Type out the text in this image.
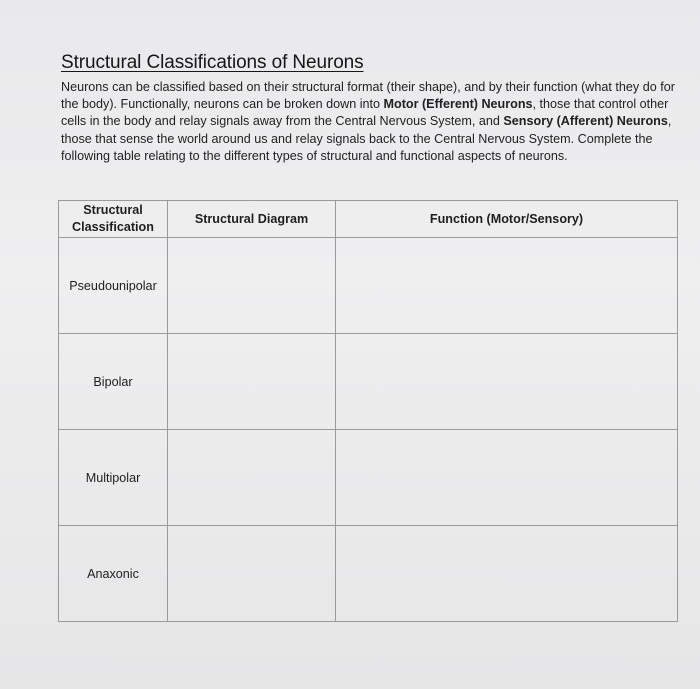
Structural Classifications of Neurons
Neurons can be classified based on their structural format (their shape), and by their function (what they do for the body). Functionally, neurons can be broken down into Motor (Efferent) Neurons, those that control other cells in the body and relay signals away from the Central Nervous System, and Sensory (Afferent) Neurons, those that sense the world around us and relay signals back to the Central Nervous System. Complete the following table relating to the different types of structural and functional aspects of neurons.
Structural Classification	Structural Diagram	Function (Motor/Sensory)
Pseudounipolar		
Bipolar		
Multipolar		
Anaxonic		
